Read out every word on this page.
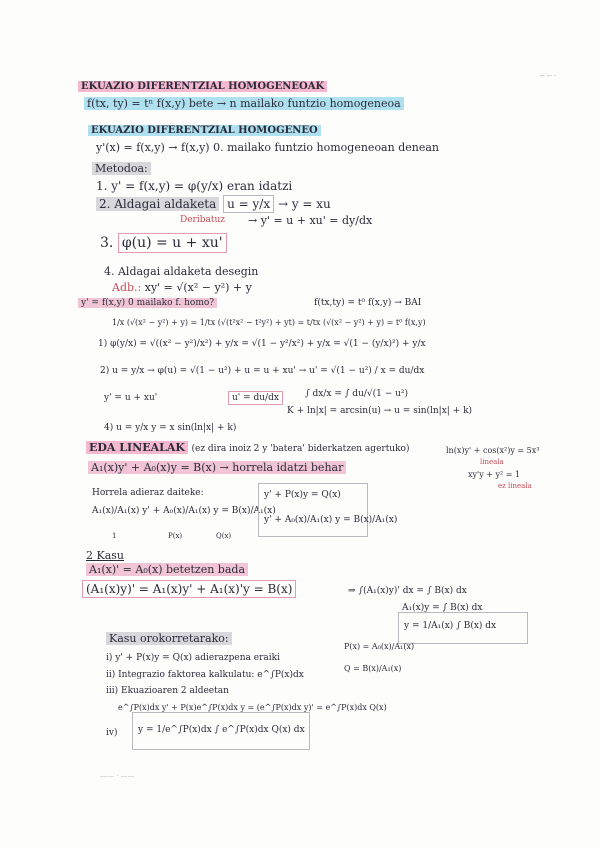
-- -- ·
EKUAZIO DIFERENTZIAL HOMOGENEOAK
f(tx, ty) = tⁿ f(x,y) bete → n mailako funtzio homogeneoa
EKUAZIO DIFERENTZIAL HOMOGENEO
y'(x) = f(x,y) → f(x,y) 0. mailako funtzio homogeneoan denean
Metodoa:
1. y' = f(x,y) = φ(y/x) eran idatzi
2. Aldagai aldaketa u = y/x → y = xu
Deribatuz → y' = u + xu' = dy/dx
3. φ(u) = u + xu'
4. Aldagai aldaketa desegin
Adb.: xy' = √(x² − y²) + y
y' = f(x,y) 0 mailako f. homo?	f(tx,ty) = t⁰ f(x,y) → BAI
1/x (√(x² − y²) + y) = 1/tx (√(t²x² − t²y²) + yt) = t/tx (√(x² − y²) + y) = t⁰ f(x,y)
1) φ(y/x) = √((x² − y²)/x²) + y/x = √(1 − y²/x²) + y/x = √(1 − (y/x)²) + y/x
2) u = y/x → φ(u) = √(1 − u²) + u = u + xu' → u' = √(1 − u²) / x = du/dx
y' = u + xu'	u' = du/dx	∫ dx/x = ∫ du/√(1 − u²)
K + ln|x| = arcsin(u) → u = sin(ln|x| + k)
4) u = y/x y = x sin(ln|x| + k)
EDA LINEALAK (ez dira inoiz 2 y 'batera' biderkatzen agertuko)	ln(x)y' + cos(x²)y = 5x³
lineala
xy'y + y² = 1
ez lineala
A₁(x)y' + A₀(x)y = B(x) → horrela idatzi behar
Horrela adieraz daiteke:
A₁(x)/A₁(x) y' + A₀(x)/A₁(x) y = B(x)/A₁(x)
1	P(x)	Q(x)
y' + P(x)y = Q(x)
y' + A₀(x)/A₁(x) y = B(x)/A₁(x)
2 Kasu
A₁(x)' = A₀(x) betetzen bada
(A₁(x)y)' = A₁(x)y' + A₁(x)'y = B(x)	⇒ ∫(A₁(x)y)' dx = ∫ B(x) dx
A₁(x)y = ∫ B(x) dx
y = 1/A₁(x) ∫ B(x) dx
Kasu orokorretarako:
i) y' + P(x)y = Q(x) adierazpena eraiki
P(x) = A₀(x)/A₁(x)
Q = B(x)/A₁(x)
ii) Integrazio faktorea kalkulatu: e^∫P(x)dx
iii) Ekuazioaren 2 aldeetan
e^∫P(x)dx y' + P(x)e^∫P(x)dx y = (e^∫P(x)dx y)' = e^∫P(x)dx Q(x)
iv) y = 1/e^∫P(x)dx ∫ e^∫P(x)dx Q(x) dx
—— · ——
